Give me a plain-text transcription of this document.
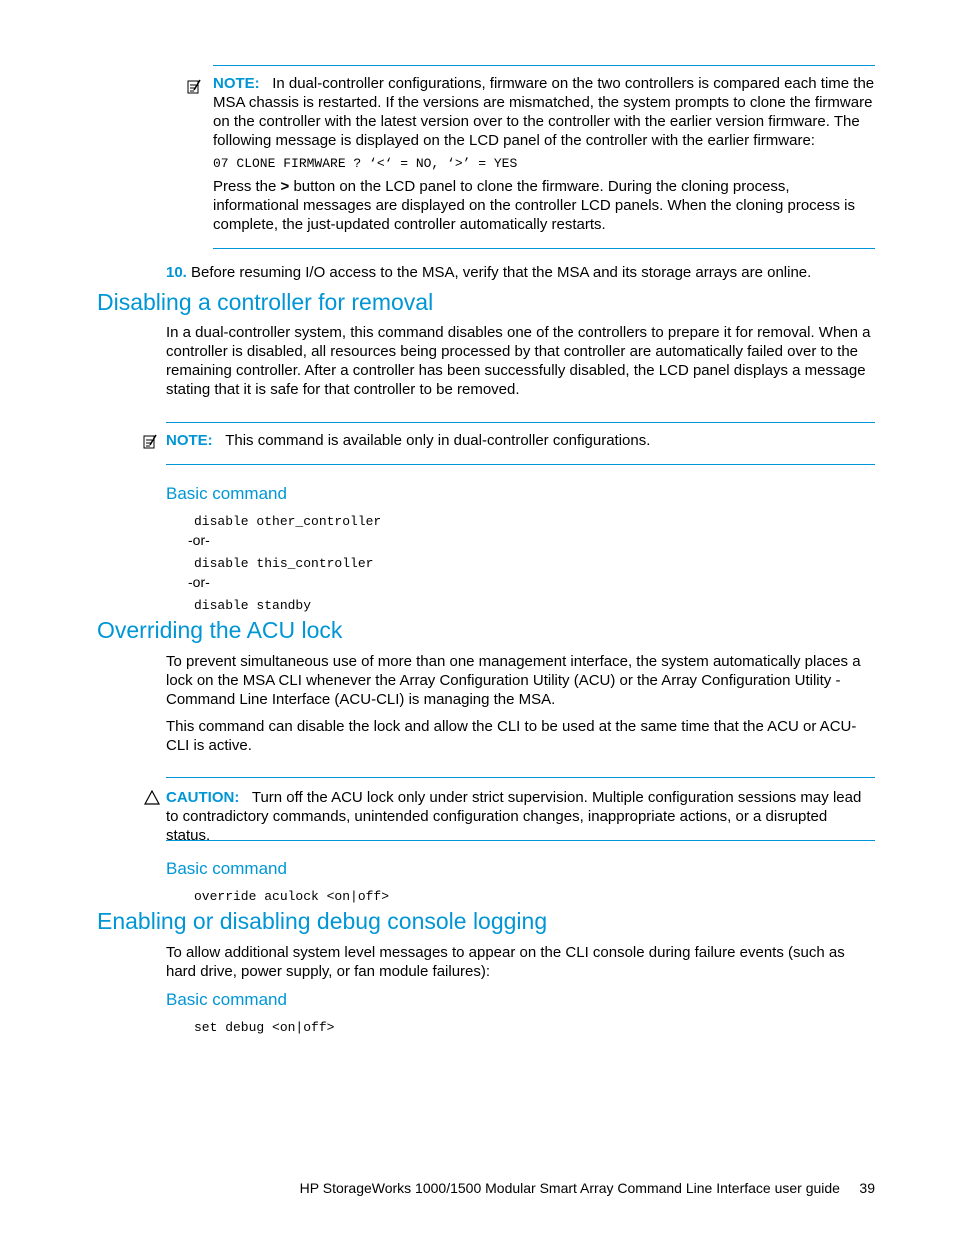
NOTE: In dual-controller configurations, firmware on the two controllers is compared each time the MSA chassis is restarted. If the versions are mismatched, the system prompts to clone the firmware on the controller with the latest version over to the controller with the earlier version firmware. The following message is displayed on the LCD panel of the controller with the earlier firmware:

07 CLONE FIRMWARE ? ‘<‘ = NO, ‘>’ = YES

Press the > button on the LCD panel to clone the firmware. During the cloning process, informational messages are displayed on the controller LCD panels. When the cloning process is complete, the just-updated controller automatically restarts.

10. Before resuming I/O access to the MSA, verify that the MSA and its storage arrays are online.

Disabling a controller for removal

In a dual-controller system, this command disables one of the controllers to prepare it for removal. When a controller is disabled, all resources being processed by that controller are automatically failed over to the remaining controller. After a controller has been successfully disabled, the LCD panel displays a message stating that it is safe for that controller to be removed.

NOTE: This command is available only in dual-controller configurations.

Basic command
disable other_controller
-or-
disable this_controller
-or-
disable standby
Overriding the ACU lock

To prevent simultaneous use of more than one management interface, the system automatically places a lock on the MSA CLI whenever the Array Configuration Utility (ACU) or the Array Configuration Utility - Command Line Interface (ACU-CLI) is managing the MSA.

This command can disable the lock and allow the CLI to be used at the same time that the ACU or ACU-CLI is active.

CAUTION: Turn off the ACU lock only under strict supervision. Multiple configuration sessions may lead to contradictory commands, unintended configuration changes, inappropriate actions, or a disrupted status.

Basic command
override aculock <on|off>
Enabling or disabling debug console logging

To allow additional system level messages to appear on the CLI console during failure events (such as hard drive, power supply, or fan module failures):

Basic command
set debug <on|off>
HP StorageWorks 1000/1500 Modular Smart Array Command Line Interface user guide 39
